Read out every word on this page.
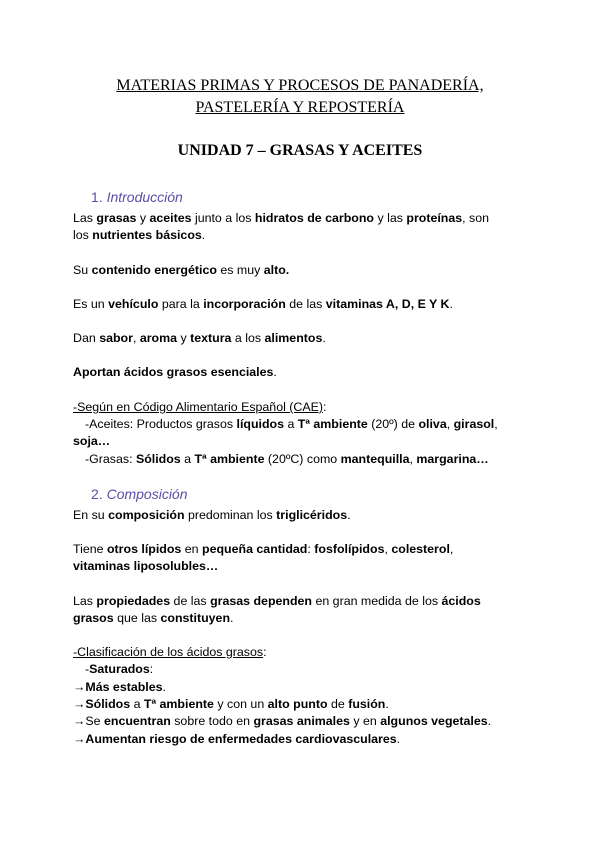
MATERIAS PRIMAS Y PROCESOS DE PANADERÍA,
PASTELERÍA Y REPOSTERÍA
UNIDAD 7 – GRASAS Y ACEITES
1. Introducción
Las grasas y aceites junto a los hidratos de carbono y las proteínas, son
los nutrientes básicos.
Su contenido energético es muy alto.
Es un vehículo para la incorporación de las vitaminas A, D, E Y K.
Dan sabor, aroma y textura a los alimentos.
Aportan ácidos grasos esenciales.
-Según en Código Alimentario Español (CAE):
-Aceites: Productos grasos líquidos a Tª ambiente (20º) de oliva, girasol,
soja…
-Grasas: Sólidos a Tª ambiente (20ºC) como mantequilla, margarina…
2. Composición
En su composición predominan los triglicéridos.
Tiene otros lípidos en pequeña cantidad: fosfolípidos, colesterol,
vitaminas liposolubles…
Las propiedades de las grasas dependen en gran medida de los ácidos
grasos que las constituyen.
-Clasificación de los ácidos grasos:
-Saturados:
→Más estables.
→Sólidos a Tª ambiente y con un alto punto de fusión.
→Se encuentran sobre todo en grasas animales y en algunos vegetales.
→Aumentan riesgo de enfermedades cardiovasculares.
